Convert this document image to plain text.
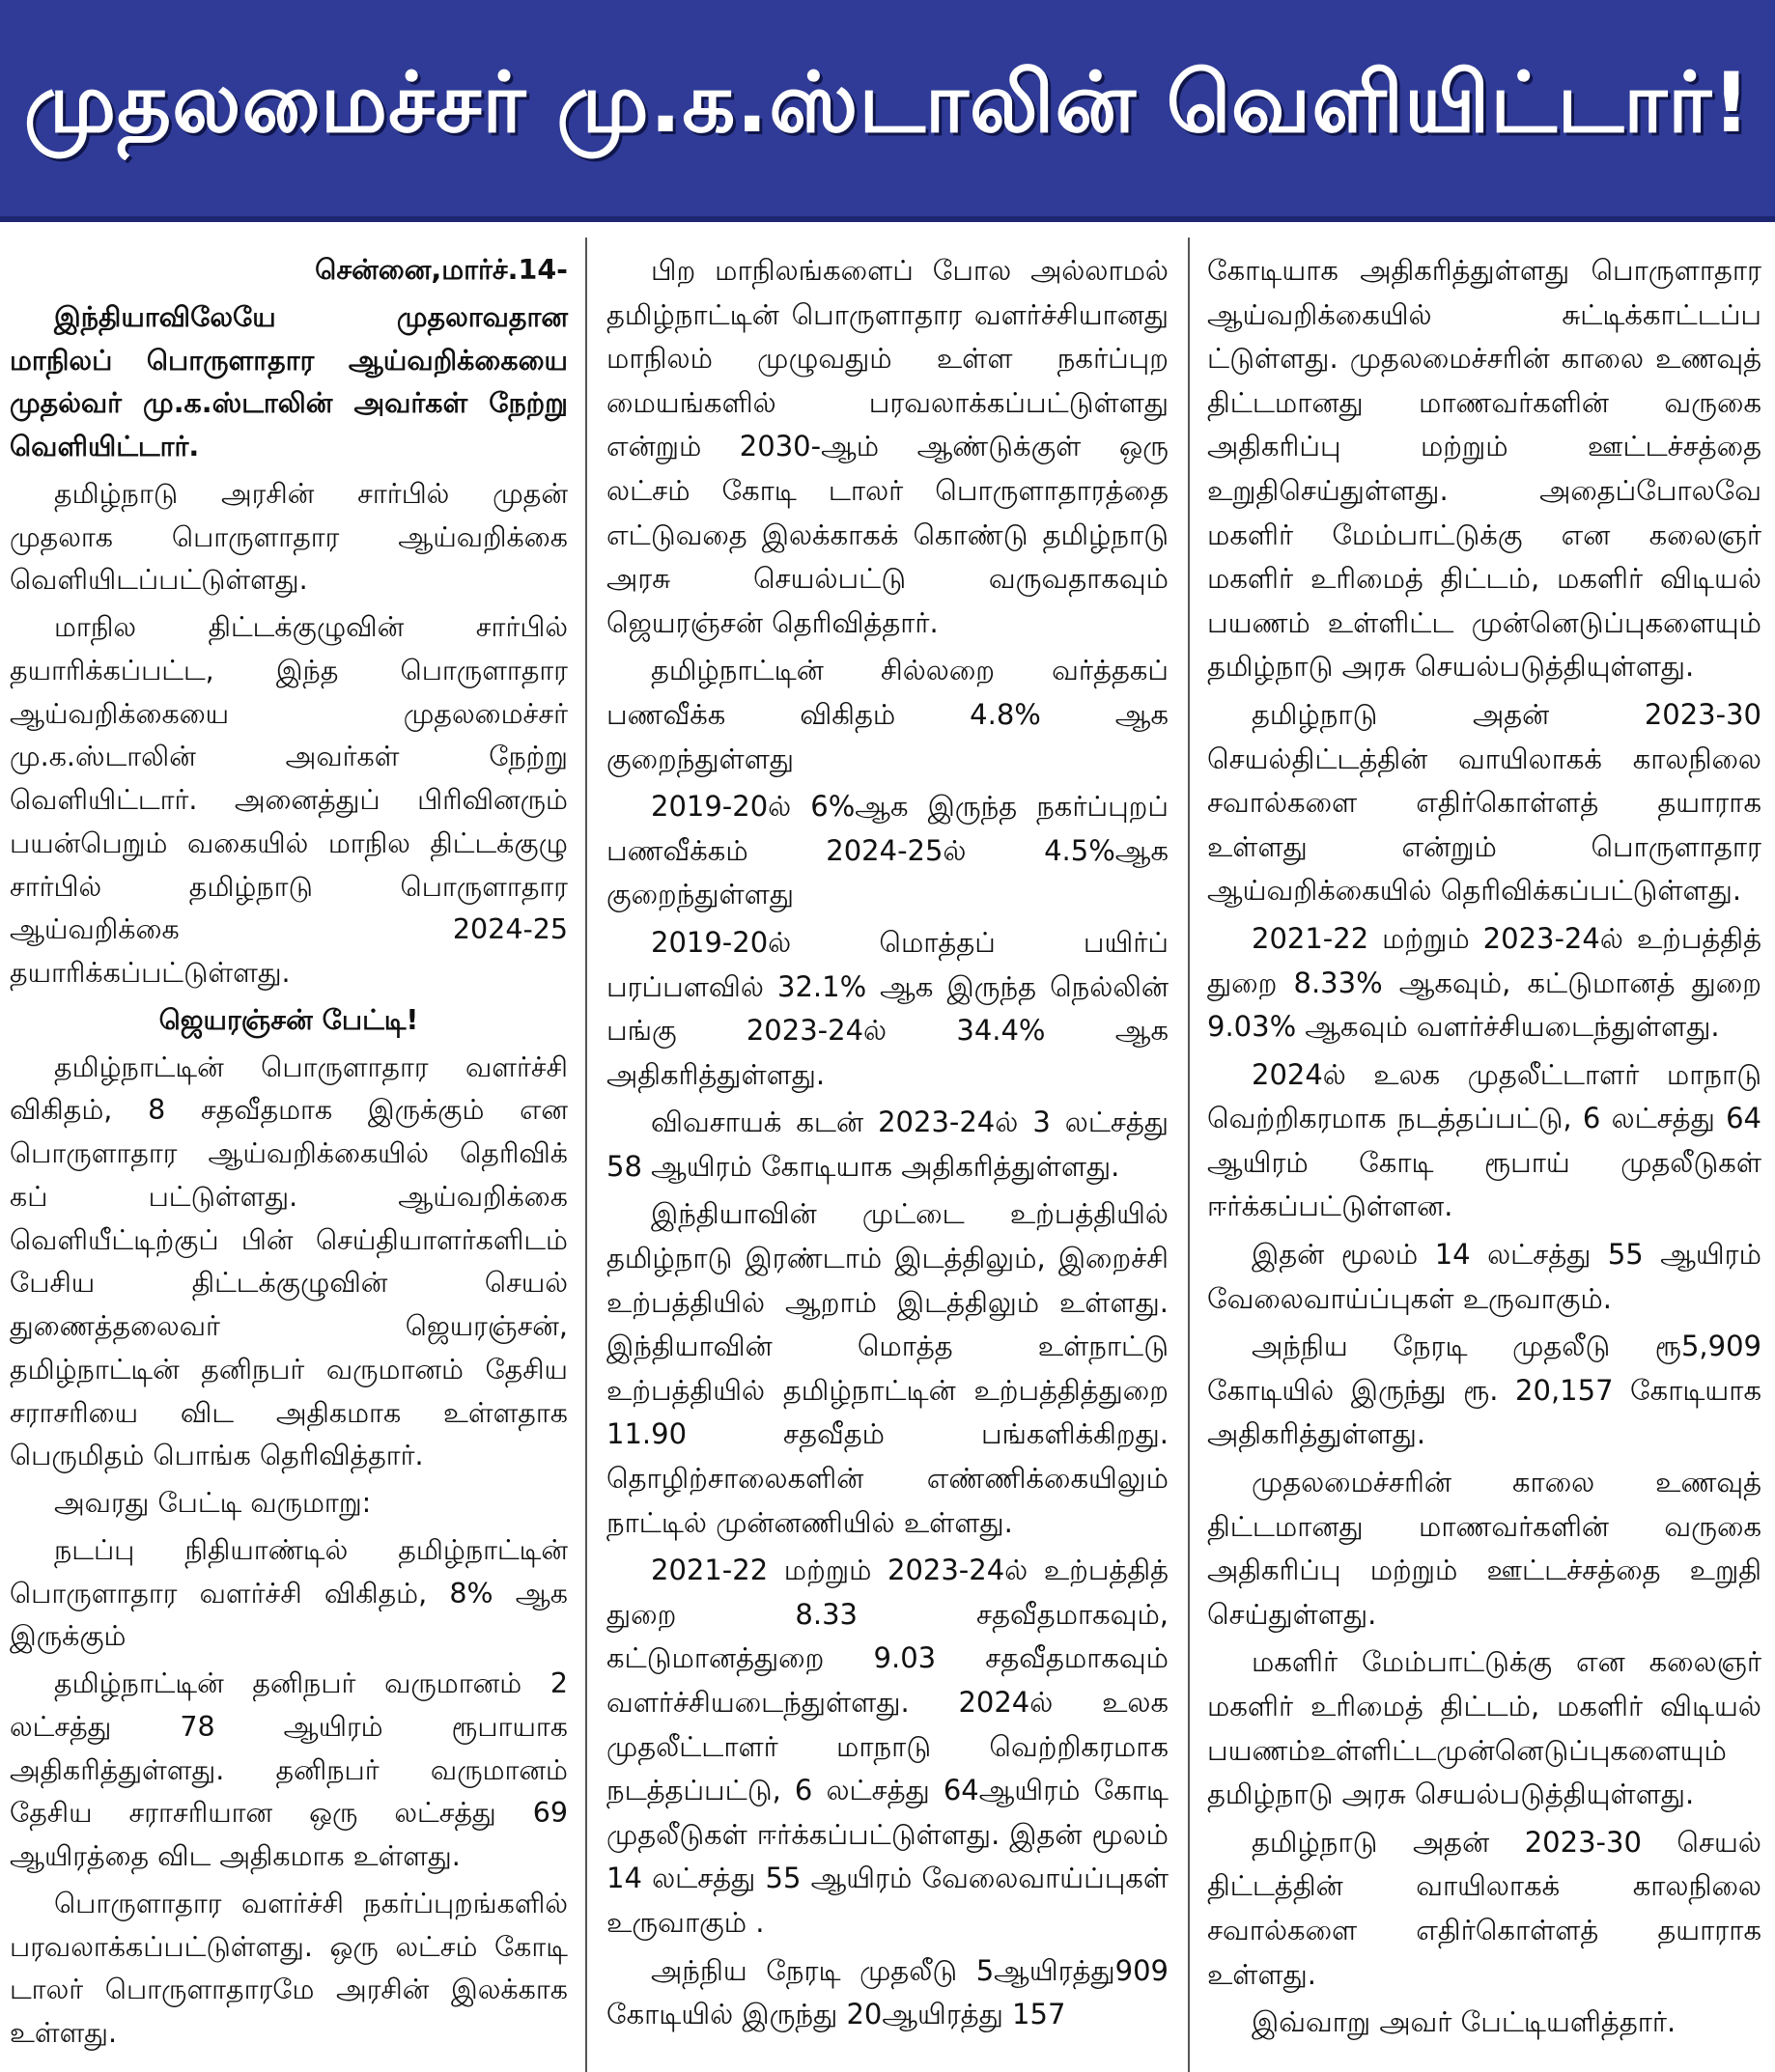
முதலமைச்சர் மு.க.ஸ்டாலின் வெளியிட்டார்!

சென்னை,மார்ச்.14-

இந்தியாவிலேயே முதலாவதான மாநிலப் பொருளாதார ஆய்வறிக்கையை முதல்வர் மு.க.ஸ்டாலின் அவர்கள் நேற்று வெளியிட்டார்.

தமிழ்நாடு அரசின் சார்பில் முதன் முதலாக பொருளாதார ஆய்வறிக்கை வெளியிடப்பட்டுள்ளது.

மாநில திட்டக்குழுவின் சார்பில் தயாரிக்கப்பட்ட, இந்த பொருளாதார ஆய்வறிக்கையை முதலமைச்சர் மு.க.ஸ்டாலின் அவர்கள் நேற்று வெளியிட்டார். அனைத்துப் பிரிவினரும் பயன்பெறும் வகையில் மாநில திட்டக்குழு சார்பில் தமிழ்நாடு பொருளாதார ஆய்வறிக்கை 2024-25 தயாரிக்கப்பட்டுள்ளது.

ஜெயரஞ்சன் பேட்டி!

தமிழ்நாட்டின் பொருளாதார வளர்ச்சி விகிதம், 8 சதவீதமாக இருக்கும் என பொருளாதார ஆய்வறிக்கையில் தெரிவிக் கப் பட்டுள்ளது. ஆய்வறிக்கை வெளியீட்டிற்குப் பின் செய்தியாளர்களிடம் பேசிய திட்டக்குழுவின் செயல் துணைத்தலைவர் ஜெயரஞ்சன், தமிழ்நாட்டின் தனிநபர் வருமானம் தேசிய சராசரியை விட அதிகமாக உள்ளதாக பெருமிதம் பொங்க தெரிவித்தார்.

அவரது பேட்டி வருமாறு:

நடப்பு நிதியாண்டில் தமிழ்நாட்டின் பொருளாதார வளர்ச்சி விகிதம், 8% ஆக இருக்கும்

தமிழ்நாட்டின் தனிநபர் வருமானம் 2 லட்சத்து 78 ஆயிரம் ரூபாயாக அதிகரித்துள்ளது. தனிநபர் வருமானம் தேசிய சராசரியான ஒரு லட்சத்து 69 ஆயிரத்தை விட அதிகமாக உள்ளது.

பொருளாதார வளர்ச்சி நகர்ப்புறங்களில் பரவலாக்கப்பட்டுள்ளது. ஒரு லட்சம் கோடி டாலர் பொருளாதாரமே அரசின் இலக்காக உள்ளது.

பிற மாநிலங்களைப் போல அல்லாமல் தமிழ்நாட்டின் பொருளாதார வளர்ச்சியானது மாநிலம் முழுவதும் உள்ள நகர்ப்புற மையங்களில் பரவலாக்கப்பட்டுள்ளது என்றும் 2030-ஆம் ஆண்டுக்குள் ஒரு லட்சம் கோடி டாலர் பொருளாதாரத்தை எட்டுவதை இலக்காகக் கொண்டு தமிழ்நாடு அரசு செயல்பட்டு வருவதாகவும் ஜெயரஞ்சன் தெரிவித்தார்.

தமிழ்நாட்டின் சில்லறை வர்த்தகப் பணவீக்க விகிதம் 4.8% ஆக குறைந்துள்ளது

2019-20ல் 6%ஆக இருந்த நகர்ப்புறப் பணவீக்கம் 2024-25ல் 4.5%ஆக குறைந்துள்ளது

2019-20ல் மொத்தப் பயிர்ப் பரப்பளவில் 32.1% ஆக இருந்த நெல்லின் பங்கு 2023-24ல் 34.4% ஆக அதிகரித்துள்ளது.

விவசாயக் கடன் 2023-24ல் 3 லட்சத்து 58 ஆயிரம் கோடியாக அதிகரித்துள்ளது.

இந்தியாவின் முட்டை உற்பத்தியில் தமிழ்நாடு இரண்டாம் இடத்திலும், இறைச்சி உற்பத்தியில் ஆறாம் இடத்திலும் உள்ளது. இந்தியாவின் மொத்த உள்நாட்டு உற்பத்தியில் தமிழ்நாட்டின் உற்பத்தித்துறை 11.90 சதவீதம் பங்களிக்கிறது. தொழிற்சாலைகளின் எண்ணிக்கையிலும் நாட்டில் முன்னணியில் உள்ளது.

2021-22 மற்றும் 2023-24ல் உற்பத்தித் துறை 8.33 சதவீதமாகவும், கட்டுமானத்துறை 9.03 சதவீதமாகவும் வளர்ச்சியடைந்துள்ளது. 2024ல் உலக முதலீட்டாளர் மாநாடு வெற்றிகரமாக நடத்தப்பட்டு, 6 லட்சத்து 64ஆயிரம் கோடி முதலீடுகள் ஈர்க்கப்பட்டுள்ளது. இதன் மூலம் 14 லட்சத்து 55 ஆயிரம் வேலைவாய்ப்புகள் உருவாகும் .

அந்நிய நேரடி முதலீடு 5ஆயிரத்து909 கோடியில் இருந்து 20ஆயிரத்து 157

கோடியாக அதிகரித்துள்ளது பொருளாதார ஆய்வறிக்கையில் சுட்டிக்காட்டப்ப ட்டுள்ளது. முதலமைச்சரின் காலை உணவுத் திட்டமானது மாணவர்களின் வருகை அதிகரிப்பு மற்றும் ஊட்டச்சத்தை உறுதிசெய்துள்ளது. அதைப்போலவே மகளிர் மேம்பாட்டுக்கு என கலைஞர் மகளிர் உரிமைத் திட்டம், மகளிர் விடியல் பயணம் உள்ளிட்ட முன்னெடுப்புகளையும் தமிழ்நாடு அரசு செயல்படுத்தியுள்ளது.

தமிழ்நாடு அதன் 2023-30 செயல்திட்டத்தின் வாயிலாகக் காலநிலை சவால்களை எதிர்கொள்ளத் தயாராக உள்ளது என்றும் பொருளாதார ஆய்வறிக்கையில் தெரிவிக்கப்பட்டுள்ளது.

2021-22 மற்றும் 2023-24ல் உற்பத்தித் துறை 8.33% ஆகவும், கட்டுமானத் துறை 9.03% ஆகவும் வளர்ச்சியடைந்துள்ளது.

2024ல் உலக முதலீட்டாளர் மாநாடு வெற்றிகரமாக நடத்தப்பட்டு, 6 லட்சத்து 64 ஆயிரம் கோடி ரூபாய் முதலீடுகள் ஈர்க்கப்பட்டுள்ளன.

இதன் மூலம் 14 லட்சத்து 55 ஆயிரம் வேலைவாய்ப்புகள் உருவாகும்.

அந்நிய நேரடி முதலீடு ரூ5,909 கோடியில் இருந்து ரூ. 20,157 கோடியாக அதிகரித்துள்ளது.

முதலமைச்சரின் காலை உணவுத் திட்டமானது மாணவர்களின் வருகை அதிகரிப்பு மற்றும் ஊட்டச்சத்தை உறுதி செய்துள்ளது.

மகளிர் மேம்பாட்டுக்கு என கலைஞர் மகளிர் உரிமைத் திட்டம், மகளிர் விடியல் பயணம்உள்ளிட்டமுன்னெடுப்புகளையும் தமிழ்நாடு அரசு செயல்படுத்தியுள்ளது.

தமிழ்நாடு அதன் 2023-30 செயல் திட்டத்தின் வாயிலாகக் காலநிலை சவால்களை எதிர்கொள்ளத் தயாராக உள்ளது.

இவ்வாறு அவர் பேட்டியளித்தார்.
